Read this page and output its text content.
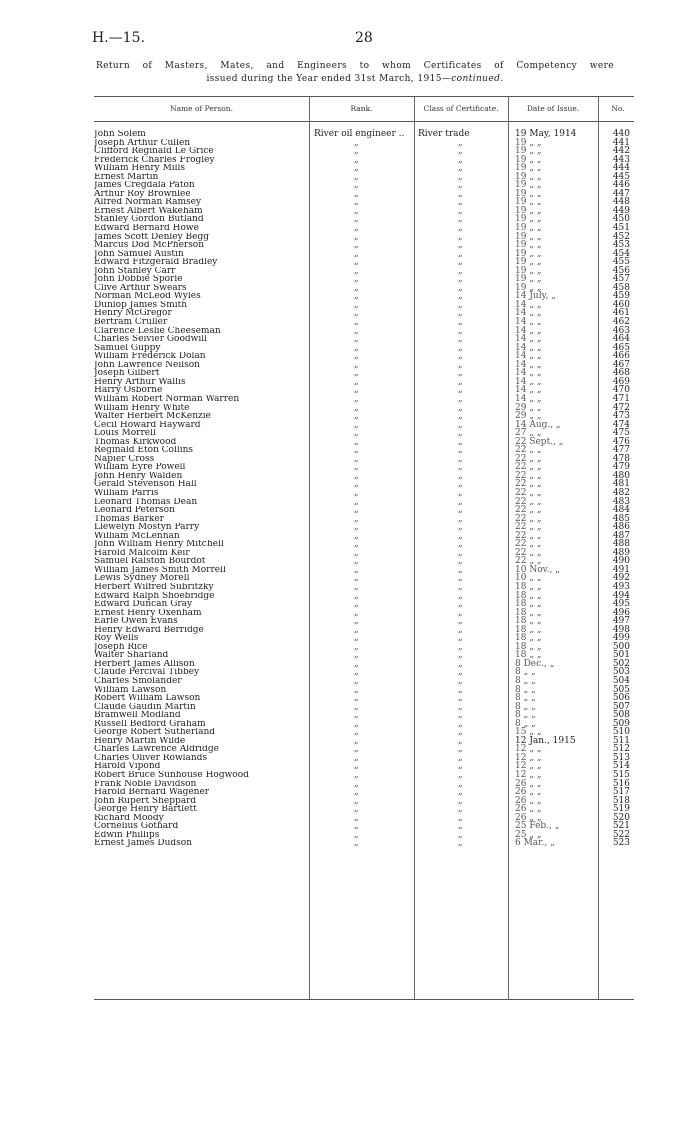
H.—15.	28
Return of Masters, Mates, and Engineers to whom Certificates of Competency were
issued during the Year ended 31st March, 1915—continued.
Name of Person.	Rank.	Class of Certificate.	Date of Issue.	No.
John Solem	River oil engineer ..	River trade	19 May, 1914	440
Joseph Arthur Cullen	„	„	19 „ „	441
Clifford Reginald Le Grice	„	„	19 „ „	442
Frederick Charles Frogley	„	„	19 „ „	443
William Henry Mills	„	„	19 „ „	444
Ernest Martin	„	„	19 „ „	445
James Cregdala Paton	„	„	19 „ „	446
Arthur Roy Brownlee	„	„	19 „ „	447
Alfred Norman Ramsey	„	„	19 „ „	448
Ernest Albert Wakeham	„	„	19 „ „	449
Stanley Gordon Butland	„	„	19 „ „	450
Edward Bernard Howe	„	„	19 „ „	451
James Scott Denley Begg	„	„	19 „ „	452
Marcus Dod McPherson	„	„	19 „ „	453
John Samuel Austin	„	„	19 „ „	454
Edward Fitzgerald Bradley	„	„	19 „ „	455
John Stanley Carr	„	„	19 „ „	456
John Dobbie Sporle	„	„	19 „ „	457
Clive Arthur Swears	„	„	19 „ „	458
Norman McLeod Wyles	„	„	14 July, „	459
Dunlop James Smith	„	„	14 „ „	460
Henry McGregor	„	„	14 „ „	461
Bertram Cruller	„	„	14 „ „	462
Clarence Leslie Cheeseman	„	„	14 „ „	463
Charles Seivier Goodwill	„	„	14 „ „	464
Samuel Guppy	„	„	14 „ „	465
William Frederick Dolan	„	„	14 „ „	466
John Lawrence Neilson	„	„	14 „ „	467
Joseph Gilbert	„	„	14 „ „	468
Henry Arthur Wallis	„	„	14 „ „	469
Harry Osborne	„	„	14 „ „	470
William Robert Norman Warren	„	„	14 „ „	471
William Henry White	„	„	29 „ „	472
Walter Herbert McKenzie	„	„	29 „ „	473
Cecil Howard Hayward	„	„	14 Aug., „	474
Louis Morrell	„	„	27 „ „	475
Thomas Kirkwood	„	„	22 Sept., „	476
Reginald Eton Collins	„	„	22 „ „	477
Napier Cross	„	„	22 „ „	478
William Eyre Powell	„	„	22 „ „	479
John Henry Walden	„	„	22 „ „	480
Gerald Stevenson Hall	„	„	22 „ „	481
William Parris	„	„	22 „ „	482
Leonard Thomas Dean	„	„	22 „ „	483
Leonard Peterson	„	„	22 „ „	484
Thomas Barker	„	„	22 „ „	485
Llewelyn Mostyn Parry	„	„	22 „ „	486
William McLennan	„	„	22 „ „	487
John William Henry Mitchell	„	„	22 „ „	488
Harold Malcolm Keir	„	„	22 „ „	489
Samuel Ralston Bourdot	„	„	22 „ „	490
William James Smith Morrell	„	„	10 Nov., „	491
Lewis Sydney Morell	„	„	10 „ „	492
Herbert Wilfred Subritzky	„	„	18 „ „	493
Edward Ralph Shoebridge	„	„	18 „ „	494
Edward Duncan Gray	„	„	18 „ „	495
Ernest Henry Oxenham	„	„	18 „ „	496
Earle Owen Evans	„	„	18 „ „	497
Henry Edward Berridge	„	„	18 „ „	498
Roy Wells	„	„	18 „ „	499
Joseph Rice	„	„	18 „ „	500
Walter Sharland	„	„	18 „ „	501
Herbert James Allison	„	„	8 Dec., „	502
Claude Percival Tibbey	„	„	8 „ „	503
Charles Smolander	„	„	8 „ „	504
William Lawson	„	„	8 „ „	505
Robert William Lawson	„	„	8 „ „	506
Claude Gaudin Martin	„	„	8 „ „	507
Bramwell Modland	„	„	8 „ „	508
Russell Bedford Graham	„	„	8 „ „	509
George Robert Sutherland	„	„	15 „ „	510
Henry Martin Wilde	„	„	12 Jan., 1915	511
Charles Lawrence Aldridge	„	„	12 „ „	512
Charles Oliver Rowlands	„	„	12 „ „	513
Harold Vipond	„	„	12 „ „	514
Robert Bruce Sunhouse Hogwood	„	„	12 „ „	515
Frank Noble Davidson	„	„	26 „ „	516
Harold Bernard Wagener	„	„	26 „ „	517
John Rupert Sheppard	„	„	26 „ „	518
George Henry Bartlett	„	„	26 „ „	519
Richard Moody	„	„	26 „ „	520
Cornelius Gothard	„	„	25 Feb., „	521
Edwin Phillips	„	„	25 „ „	522
Ernest James Dudson	„	„	6 Mar., „	523
